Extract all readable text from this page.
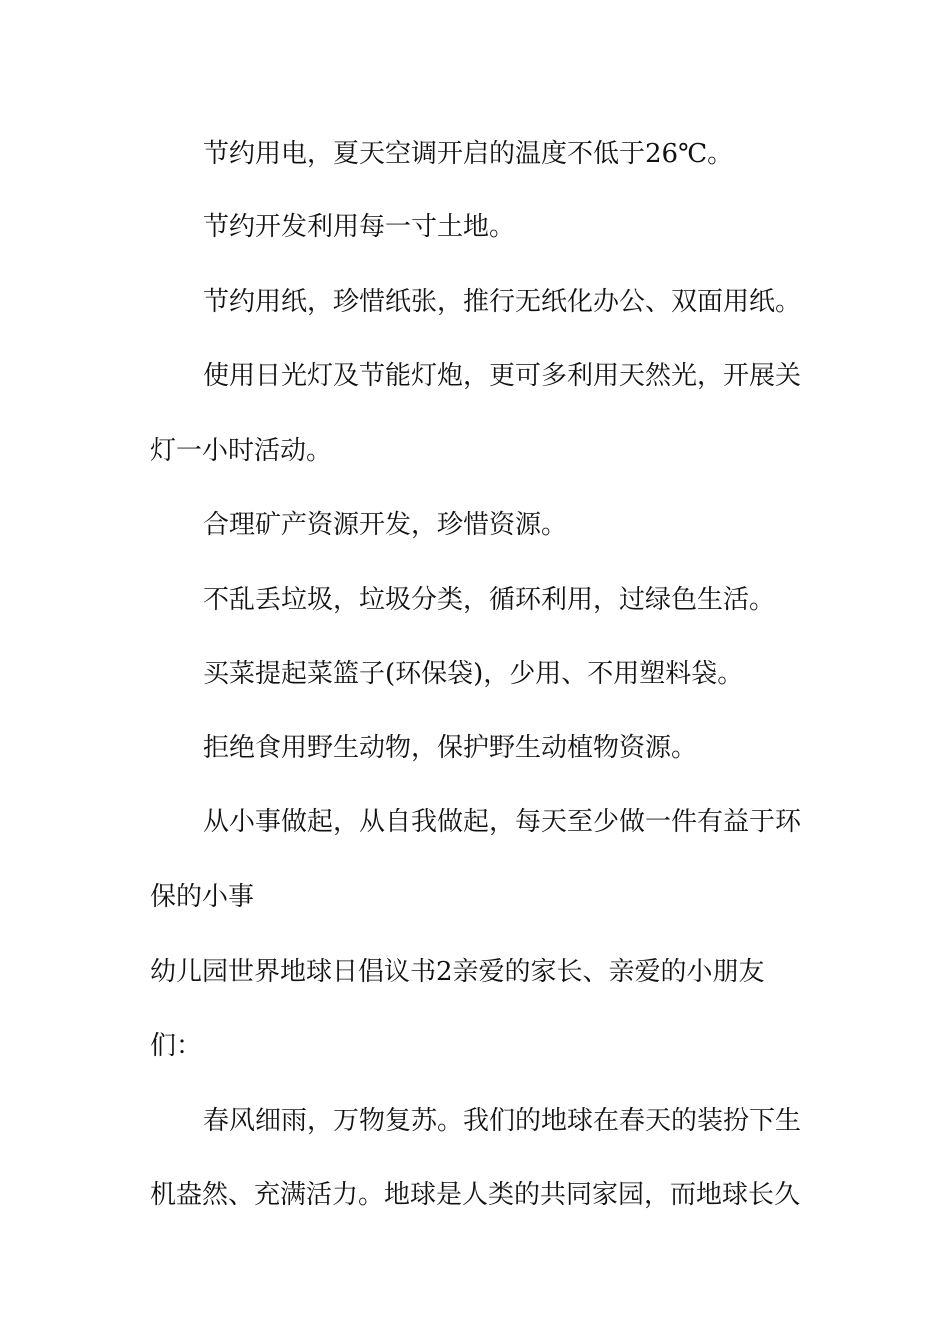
节约用电，夏天空调开启的温度不低于26℃。

节约开发利用每一寸土地。

节约用纸，珍惜纸张，推行无纸化办公、双面用纸。

使用日光灯及节能灯炮，更可多利用天然光，开展关

灯一小时活动。

合理矿产资源开发，珍惜资源。

不乱丢垃圾，垃圾分类，循环利用，过绿色生活。

买菜提起菜篮子(环保袋)，少用、不用塑料袋。

拒绝食用野生动物，保护野生动植物资源。

从小事做起，从自我做起，每天至少做一件有益于环

保的小事

幼儿园世界地球日倡议书2亲爱的家长、亲爱的小朋友

们：

春风细雨，万物复苏。我们的地球在春天的装扮下生

机盎然、充满活力。地球是人类的共同家园，而地球长久
